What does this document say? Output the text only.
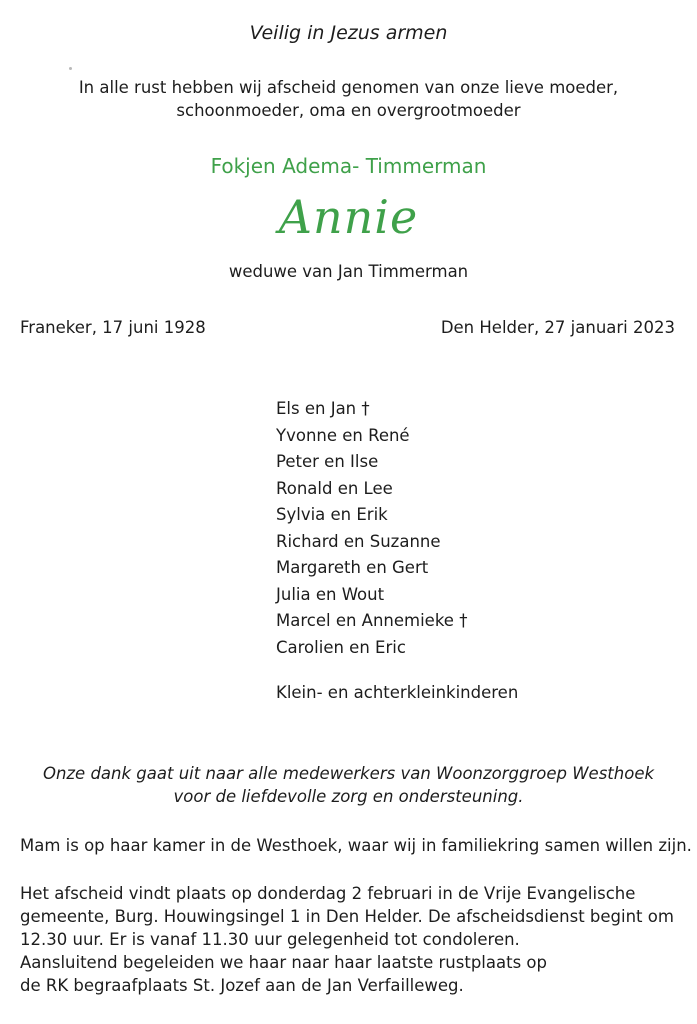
Veilig in Jezus armen
In alle rust hebben wij afscheid genomen van onze lieve moeder,
schoonmoeder, oma en overgrootmoeder
Fokjen Adema- Timmerman
Annie
weduwe van Jan Timmerman
Franeker, 17 juni 1928	Den Helder, 27 januari 2023
Els en Jan †
Yvonne en René
Peter en Ilse
Ronald en Lee
Sylvia en Erik
Richard en Suzanne
Margareth en Gert
Julia en Wout
Marcel en Annemieke †
Carolien en Eric
Klein- en achterkleinkinderen
Onze dank gaat uit naar alle medewerkers van Woonzorggroep Westhoek
voor de liefdevolle zorg en ondersteuning.
Mam is op haar kamer in de Westhoek, waar wij in familiekring samen willen zijn.
Het afscheid vindt plaats op donderdag 2 februari in de Vrije Evangelische
gemeente, Burg. Houwingsingel 1 in Den Helder. De afscheidsdienst begint om
12.30 uur. Er is vanaf 11.30 uur gelegenheid tot condoleren.
Aansluitend begeleiden we haar naar haar laatste rustplaats op
de RK begraafplaats St. Jozef aan de Jan Verfailleweg.
